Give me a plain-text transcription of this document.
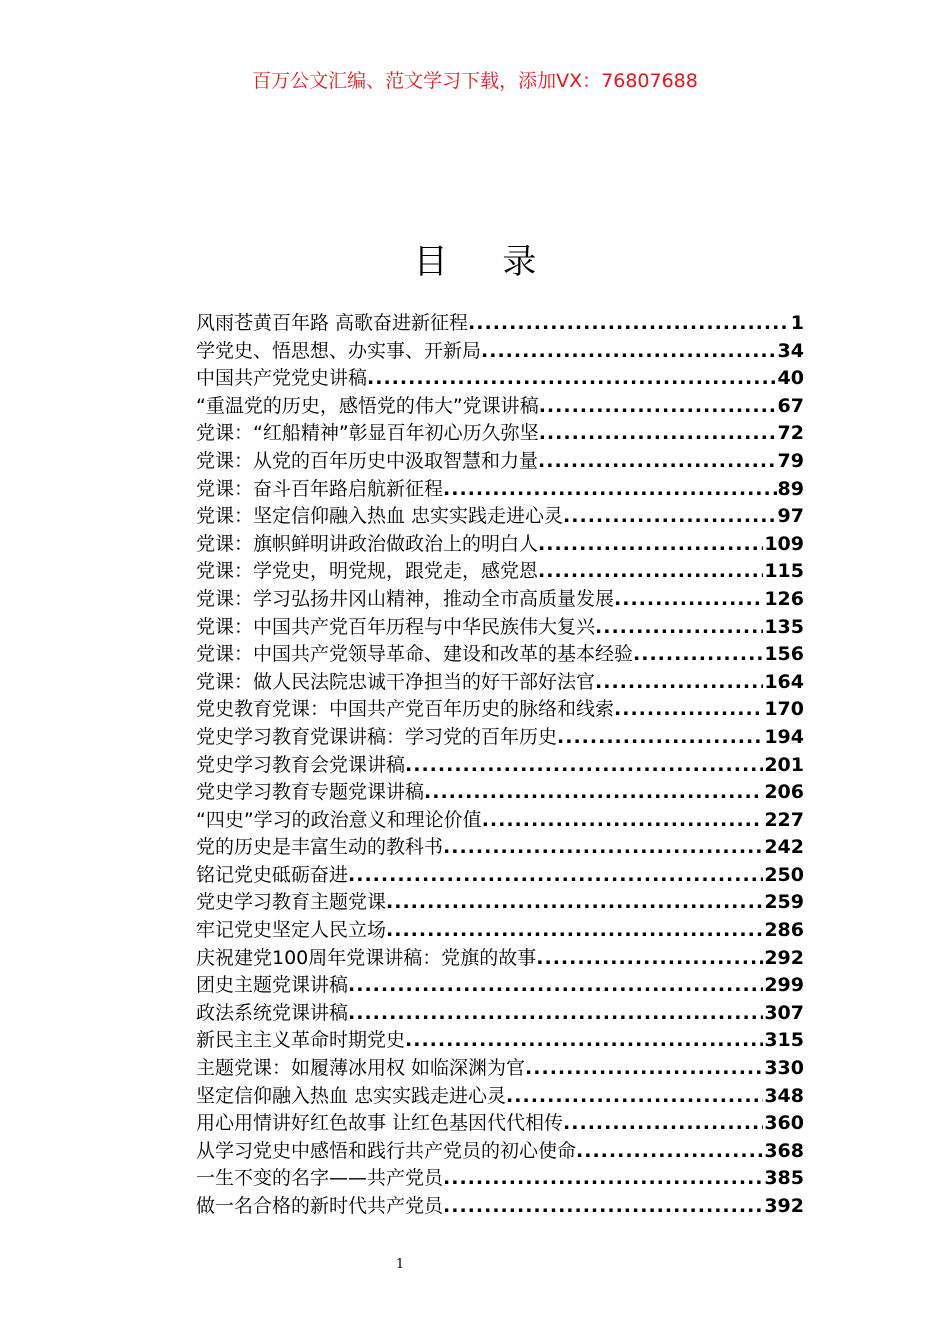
百万公文汇编、范文学习下载，添加VX：76807688
目 录
风雨苍黄百年路 高歌奋进新征程 .....	1
学党史、悟思想、办实事、开新局 .....	34
中国共产党党史讲稿 .....	40
“重温党的历史，感悟党的伟大”党课讲稿 .....	67
党课：“红船精神”彰显百年初心历久弥坚 .....	72
党课：从党的百年历史中汲取智慧和力量 .....	79
党课：奋斗百年路启航新征程 .....	89
党课：坚定信仰融入热血 忠实实践走进心灵 .....	97
党课：旗帜鲜明讲政治做政治上的明白人 .....	109
党课：学党史，明党规，跟党走，感党恩 .....	115
党课：学习弘扬井冈山精神，推动全市高质量发展 .....	126
党课：中国共产党百年历程与中华民族伟大复兴 .....	135
党课：中国共产党领导革命、建设和改革的基本经验 .....	156
党课：做人民法院忠诚干净担当的好干部好法官 .....	164
党史教育党课：中国共产党百年历史的脉络和线索 .....	170
党史学习教育党课讲稿：学习党的百年历史 .....	194
党史学习教育会党课讲稿 .....	201
党史学习教育专题党课讲稿 .....	206
“四史”学习的政治意义和理论价值 .....	227
党的历史是丰富生动的教科书 .....	242
铭记党史砥砺奋进 .....	250
党史学习教育主题党课 .....	259
牢记党史坚定人民立场 .....	286
庆祝建党100周年党课讲稿：党旗的故事 .....	292
团史主题党课讲稿 .....	299
政法系统党课讲稿 .....	307
新民主主义革命时期党史 .....	315
主题党课：如履薄冰用权 如临深渊为官 .....	330
坚定信仰融入热血 忠实实践走进心灵 .....	348
用心用情讲好红色故事 让红色基因代代相传 .....	360
从学习党史中感悟和践行共产党员的初心使命 .....	368
一生不变的名字——共产党员 .....	385
做一名合格的新时代共产党员 .....	392
1
